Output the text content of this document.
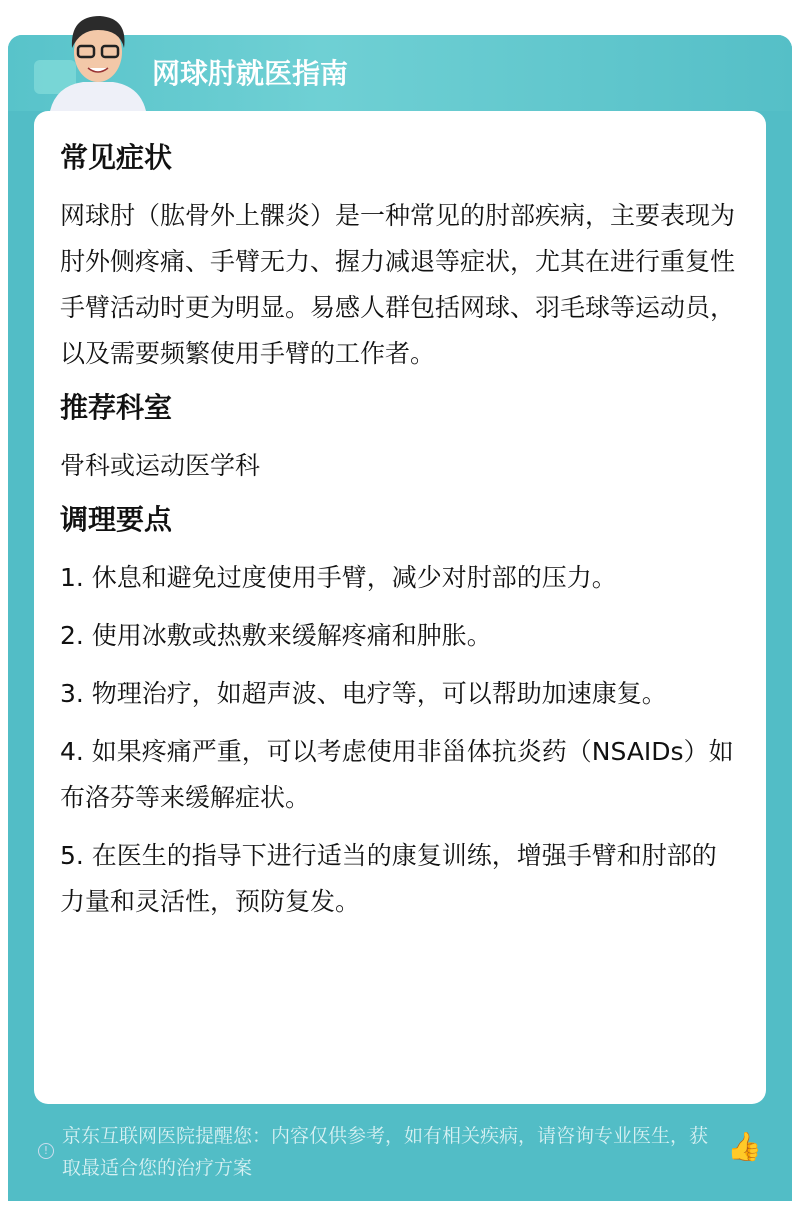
网球肘就医指南
常见症状

网球肘（肱骨外上髁炎）是一种常见的肘部疾病，主要表现为肘外侧疼痛、手臂无力、握力减退等症状，尤其在进行重复性手臂活动时更为明显。易感人群包括网球、羽毛球等运动员，以及需要频繁使用手臂的工作者。

推荐科室

骨科或运动医学科

调理要点

1. 休息和避免过度使用手臂，减少对肘部的压力。

2. 使用冰敷或热敷来缓解疼痛和肿胀。

3. 物理治疗，如超声波、电疗等，可以帮助加速康复。

4. 如果疼痛严重，可以考虑使用非甾体抗炎药（NSAIDs）如布洛芬等来缓解症状。

5. 在医生的指导下进行适当的康复训练，增强手臂和肘部的力量和灵活性，预防复发。

!
京东互联网医院提醒您：内容仅供参考，如有相关疾病，请咨询专业医生，获取最适合您的治疗方案
👍
